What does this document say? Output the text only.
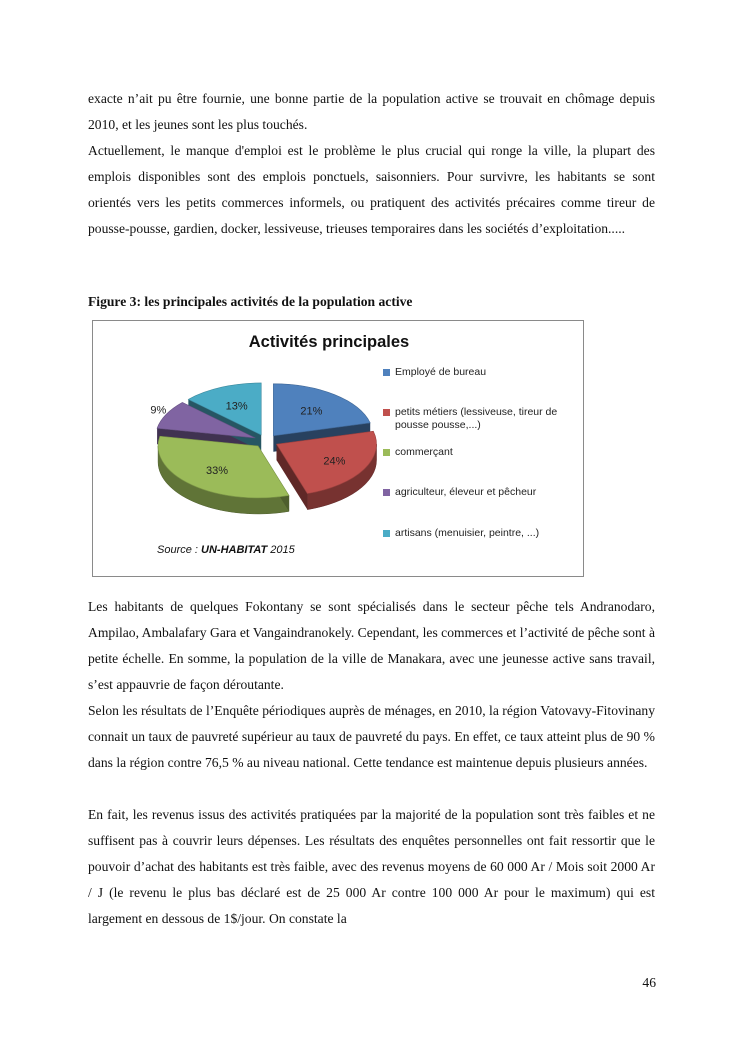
exacte n’ait pu être fournie, une bonne partie de la population active se trouvait en chômage depuis 2010, et les jeunes sont les plus touchés.

Actuellement, le manque d'emploi est le problème le plus crucial qui ronge la ville, la plupart des emplois disponibles sont des emplois ponctuels, saisonniers. Pour survivre, les habitants se sont orientés vers les petits commerces informels, ou pratiquent des activités précaires comme tireur de pousse-pousse, gardien, docker, lessiveuse, trieuses temporaires dans les sociétés d’exploitation.....

Figure 3: les principales activités de la population active

21%
24%
33%
9%	13%

Activités principales

Employé de bureau
petits métiers (lessiveuse, tireur de pousse pousse,...)
commerçant
agriculteur, éleveur et pêcheur
artisans (menuisier, peintre, ...)

Source : UN-HABITAT 2015

Les habitants de quelques Fokontany se sont spécialisés dans le secteur pêche tels Andranodaro, Ampilao, Ambalafary Gara et Vangaindranokely. Cependant, les commerces et l’activité de pêche sont à petite échelle. En somme, la population de la ville de Manakara, avec une jeunesse active sans travail, s’est appauvrie de façon déroutante.

Selon les résultats de l’Enquête périodiques auprès de ménages, en 2010, la région Vatovavy-Fitovinany connait un taux de pauvreté supérieur au taux de pauvreté du pays. En effet, ce taux atteint plus de 90 % dans la région contre 76,5 % au niveau national. Cette tendance est maintenue depuis plusieurs années.

En fait, les revenus issus des activités pratiquées par la majorité de la population sont très faibles et ne suffisent pas à couvrir leurs dépenses. Les résultats des enquêtes personnelles ont fait ressortir que le pouvoir d’achat des habitants est très faible, avec des revenus moyens de 60 000 Ar / Mois soit 2000 Ar / J (le revenu le plus bas déclaré est de 25 000 Ar contre 100 000 Ar pour le maximum) qui est largement en dessous de 1$/jour. On constate la

46
